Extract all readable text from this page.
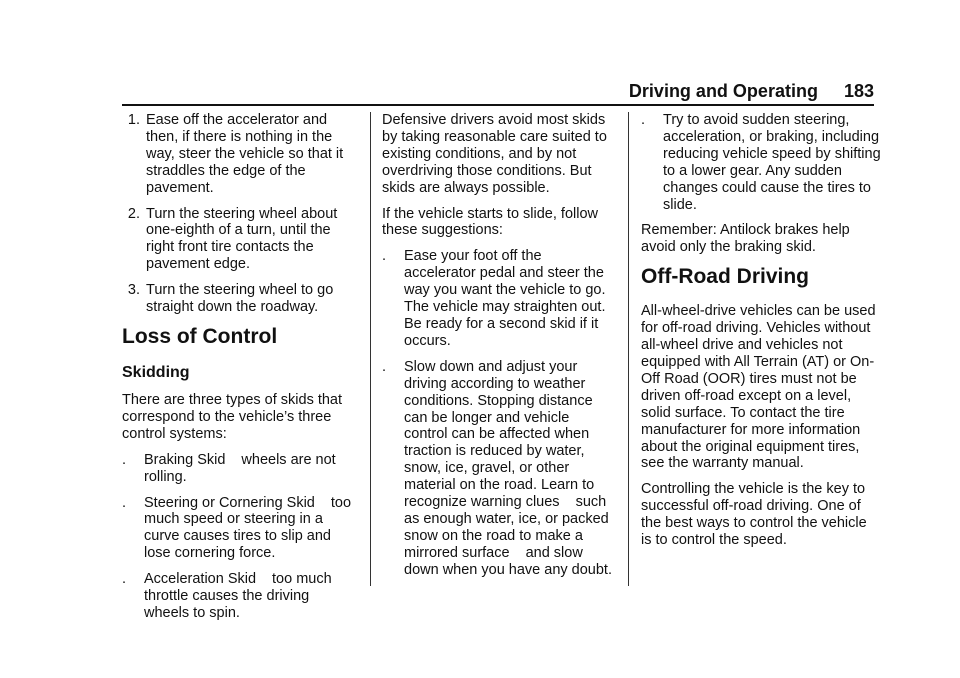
Driving and Operating 183
1. Ease off the accelerator and then, if there is nothing in the way, steer the vehicle so that it straddles the edge of the pavement.
2. Turn the steering wheel about one-eighth of a turn, until the right front tire contacts the pavement edge.
3. Turn the steering wheel to go straight down the roadway.
Loss of Control
Skidding

There are three types of skids that correspond to the vehicle’s three control systems:

.	Braking Skid wheels are not rolling.
.	Steering or Cornering Skid too much speed or steering in a curve causes tires to slip and lose cornering force.
.	Acceleration Skid too much throttle causes the driving wheels to spin.

Defensive drivers avoid most skids by taking reasonable care suited to existing conditions, and by not overdriving those conditions. But skids are always possible.

If the vehicle starts to slide, follow these suggestions:

.	Ease your foot off the accelerator pedal and steer the way you want the vehicle to go. The vehicle may straighten out. Be ready for a second skid if it occurs.
.	Slow down and adjust your driving according to weather conditions. Stopping distance can be longer and vehicle control can be affected when traction is reduced by water, snow, ice, gravel, or other material on the road. Learn to recognize warning clues such as enough water, ice, or packed snow on the road to make a mirrored surface and slow down when you have any doubt.
.	Try to avoid sudden steering, acceleration, or braking, including reducing vehicle speed by shifting to a lower gear. Any sudden changes could cause the tires to slide.

Remember: Antilock brakes help avoid only the braking skid.

Off-Road Driving

All-wheel-drive vehicles can be used for off-road driving. Vehicles without all-wheel drive and vehicles not equipped with All Terrain (AT) or On-Off Road (OOR) tires must not be driven off-road except on a level, solid surface. To contact the tire manufacturer for more information about the original equipment tires, see the warranty manual.

Controlling the vehicle is the key to successful off-road driving. One of the best ways to control the vehicle is to control the speed.
